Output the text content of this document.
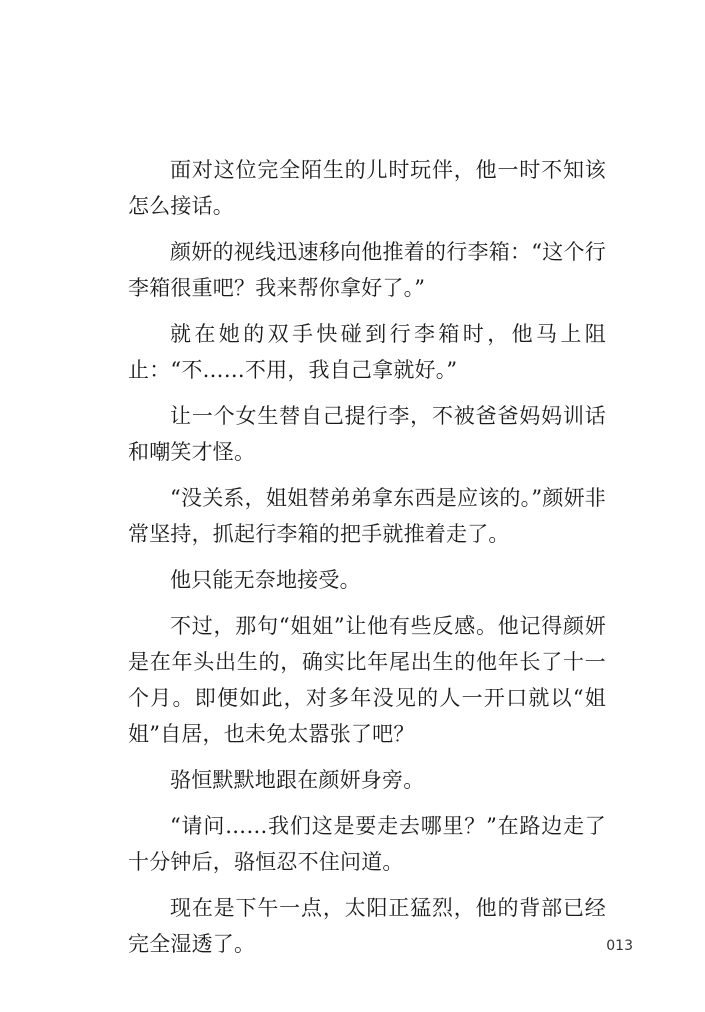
面对这位完全陌生的儿时玩伴，他一时不知该怎么接话。

颜妍的视线迅速移向他推着的行李箱：“这个行李箱很重吧？我来帮你拿好了。”

就在她的双手快碰到行李箱时，他马上阻止：“不……不用，我自己拿就好。”

让一个女生替自己提行李，不被爸爸妈妈训话和嘲笑才怪。

“没关系，姐姐替弟弟拿东西是应该的。”颜妍非常坚持，抓起行李箱的把手就推着走了。

他只能无奈地接受。

不过，那句“姐姐”让他有些反感。他记得颜妍是在年头出生的，确实比年尾出生的他年长了十一个月。即便如此，对多年没见的人一开口就以“姐姐”自居，也未免太嚣张了吧？

骆恒默默地跟在颜妍身旁。

“请问……我们这是要走去哪里？”在路边走了十分钟后，骆恒忍不住问道。

现在是下午一点，太阳正猛烈，他的背部已经完全湿透了。	013
